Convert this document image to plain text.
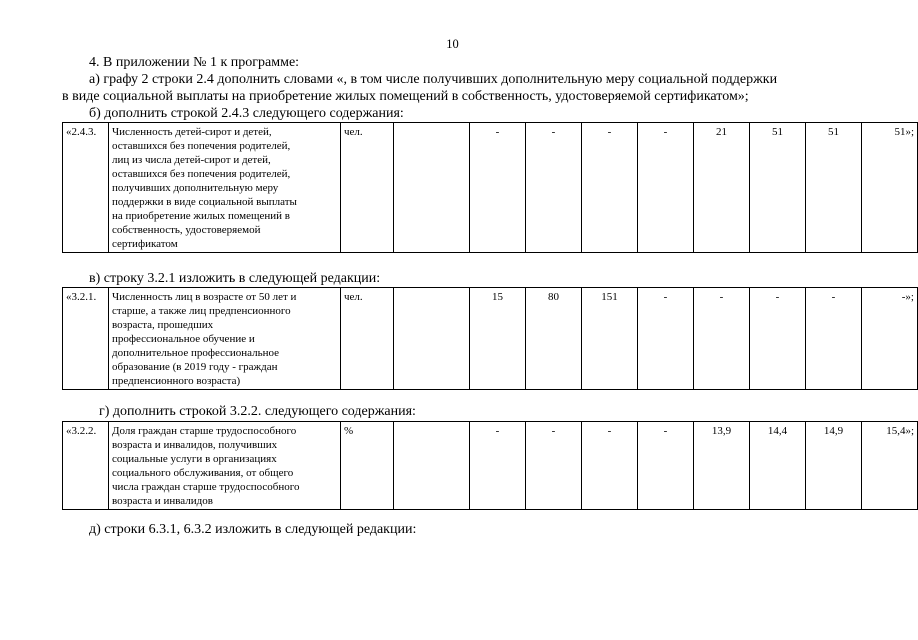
10
4. В приложении № 1 к программе:
а) графу 2 строки 2.4 дополнить словами «, в том числе получивших дополнительную меру социальной поддержки
в виде социальной выплаты на приобретение жилых помещений в собственность, удостоверяемой сертификатом»;
б) дополнить строкой 2.4.3 следующего содержания:
«2.4.3.	Численность детей-сирот и детей,
оставшихся без попечения родителей,
лиц из числа детей-сирот и детей,
оставшихся без попечения родителей,
получивших дополнительную меру
поддержки в виде социальной выплаты
на приобретение жилых помещений в
собственность, удостоверяемой
сертификатом
	чел.		-	-	-	-	21	51	51	51»;
в) строку 3.2.1 изложить в следующей редакции:
«3.2.1.	Численность лиц в возрасте от 50 лет и
старше, а также лиц предпенсионного
возраста, прошедших
профессиональное обучение и
дополнительное профессиональное
образование (в 2019 году - граждан
предпенсионного возраста)
	чел.		15	80	151	-	-	-	-	-»;
г) дополнить строкой 3.2.2. следующего содержания:
«3.2.2.	Доля граждан старше трудоспособного
возраста и инвалидов, получивших
социальные услуги в организациях
социального обслуживания, от общего
числа граждан старше трудоспособного
возраста и инвалидов
	%		-	-	-	-	13,9	14,4	14,9	15,4»;
д) строки 6.3.1, 6.3.2 изложить в следующей редакции:
